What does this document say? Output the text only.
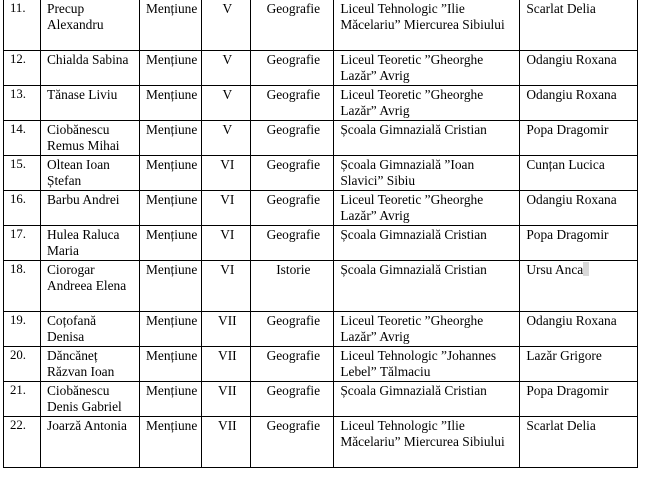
11.	Precup Alexandru	Mențiune	V	Geografie	Liceul Tehnologic ”Ilie Măcelariu” Miercurea Sibiului	Scarlat Delia
12.	Chialda Sabina	Mențiune	V	Geografie	Liceul Teoretic ”Gheorghe Lazăr” Avrig	Odangiu Roxana
13.	Tănase Liviu	Mențiune	V	Geografie	Liceul Teoretic ”Gheorghe Lazăr” Avrig	Odangiu Roxana
14.	Ciobănescu Remus Mihai	Mențiune	V	Geografie	Școala Gimnazială Cristian	Popa Dragomir
15.	Oltean Ioan Ștefan	Mențiune	VI	Geografie	Școala Gimnazială ”Ioan Slavici” Sibiu	Cunțan Lucica
16.	Barbu Andrei	Mențiune	VI	Geografie	Liceul Teoretic ”Gheorghe Lazăr” Avrig	Odangiu Roxana
17.	Hulea Raluca Maria	Mențiune	VI	Geografie	Școala Gimnazială Cristian	Popa Dragomir
18.	Ciorogar Andreea Elena	Mențiune	VI	Istorie	Școala Gimnazială Cristian	Ursu Anca
19.	Coțofană Denisa	Mențiune	VII	Geografie	Liceul Teoretic ”Gheorghe Lazăr” Avrig	Odangiu Roxana
20.	Dăncăneț Răzvan Ioan	Mențiune	VII	Geografie	Liceul Tehnologic ”Johannes Lebel” Tălmaciu	Lazăr Grigore
21.	Ciobănescu Denis Gabriel	Mențiune	VII	Geografie	Școala Gimnazială Cristian	Popa Dragomir
22.	Joarză Antonia	Mențiune	VII	Geografie	Liceul Tehnologic ”Ilie Măcelariu” Miercurea Sibiului	Scarlat Delia
